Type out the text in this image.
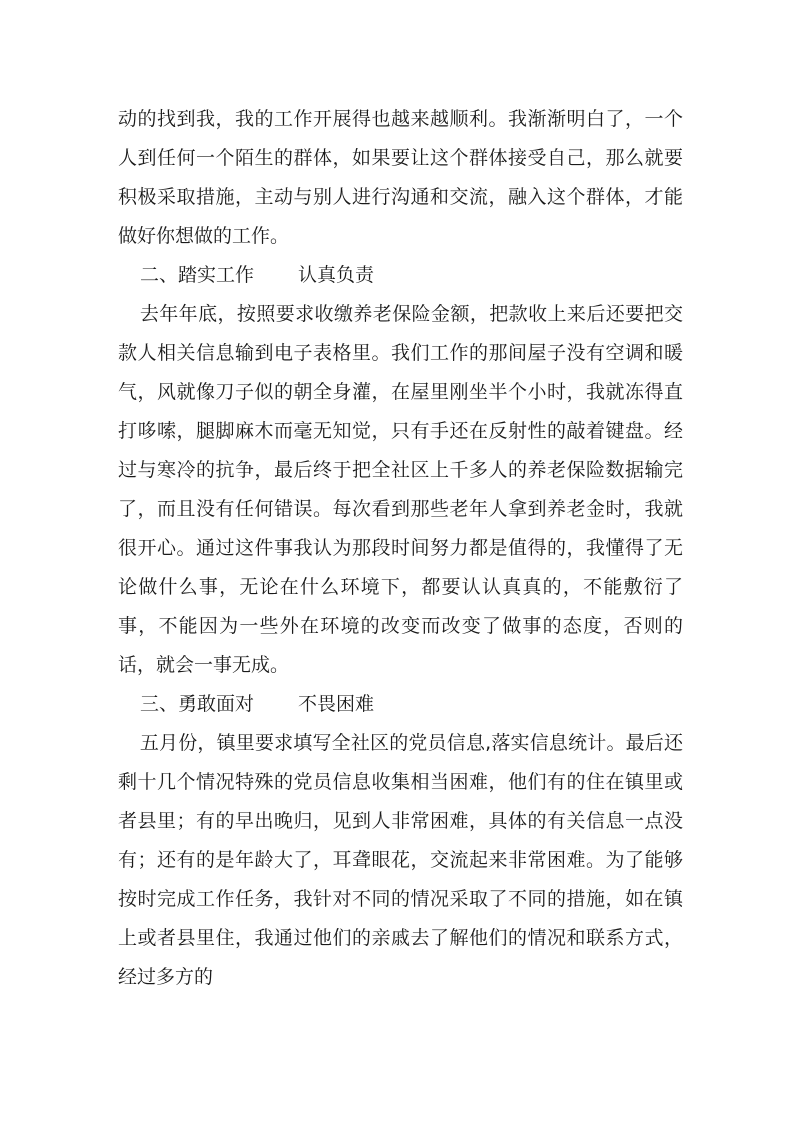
动的找到我，我的工作开展得也越来越顺利。我渐渐明白了，一个人到任何一个陌生的群体，如果要让这个群体接受自己，那么就要积极采取措施，主动与别人进行沟通和交流，融入这个群体，才能做好你想做的工作。

二、踏实工作 认真负责

去年年底，按照要求收缴养老保险金额，把款收上来后还要把交款人相关信息输到电子表格里。我们工作的那间屋子没有空调和暖气，风就像刀子似的朝全身灌，在屋里刚坐半个小时，我就冻得直打哆嗦，腿脚麻木而毫无知觉，只有手还在反射性的敲着键盘。经过与寒冷的抗争，最后终于把全社区上千多人的养老保险数据输完了，而且没有任何错误。每次看到那些老年人拿到养老金时，我就很开心。通过这件事我认为那段时间努力都是值得的，我懂得了无论做什么事，无论在什么环境下，都要认认真真的，不能敷衍了事，不能因为一些外在环境的改变而改变了做事的态度，否则的话，就会一事无成。

三、勇敢面对 不畏困难

五月份，镇里要求填写全社区的党员信息,落实信息统计。最后还剩十几个情况特殊的党员信息收集相当困难，他们有的住在镇里或者县里；有的早出晚归，见到人非常困难，具体的有关信息一点没有；还有的是年龄大了，耳聋眼花，交流起来非常困难。为了能够按时完成工作任务，我针对不同的情况采取了不同的措施，如在镇上或者县里住，我通过他们的亲戚去了解他们的情况和联系方式，经过多方的
